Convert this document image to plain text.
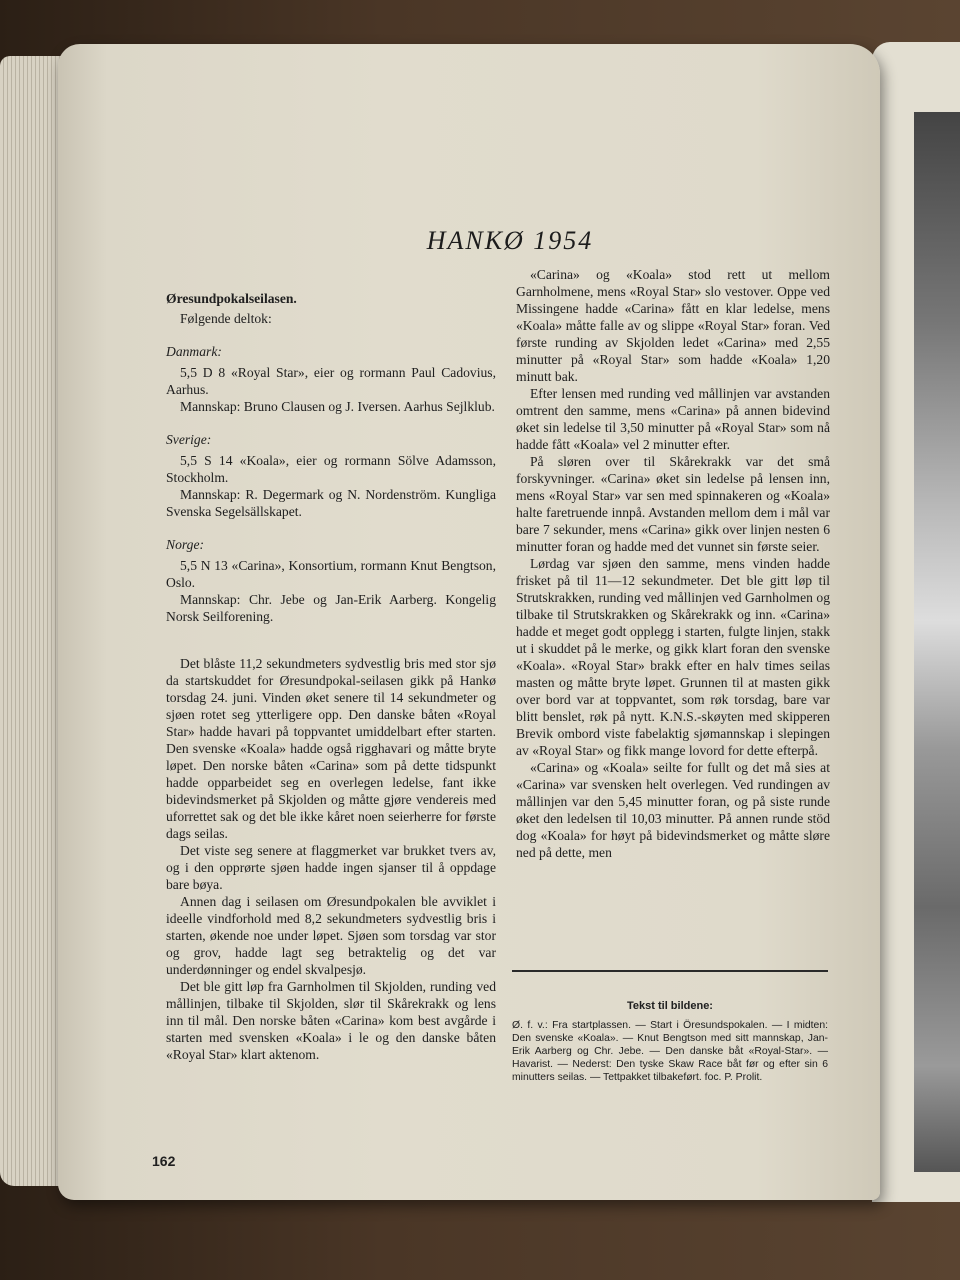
HANKØ 1954

Øresundpokalseilasen.

Følgende deltok:

Danmark:

5,5 D 8 «Royal Star», eier og rormann Paul Cadovius, Aarhus.

Mannskap: Bruno Clausen og J. Iversen. Aarhus Sejlklub.

Sverige:

5,5 S 14 «Koala», eier og rormann Sölve Adamsson, Stockholm.

Mannskap: R. Degermark og N. Nordenström. Kungliga Svenska Segelsällskapet.

Norge:

5,5 N 13 «Carina», Konsortium, rormann Knut Bengtson, Oslo.

Mannskap: Chr. Jebe og Jan-Erik Aarberg. Kongelig Norsk Seilforening.

Det blåste 11,2 sekundmeters sydvestlig bris med stor sjø da startskuddet for Øresundpokal-seilasen gikk på Hankø torsdag 24. juni. Vinden øket senere til 14 sekundmeter og sjøen rotet seg ytterligere opp. Den danske båten «Royal Star» hadde havari på toppvantet umiddelbart efter starten. Den svenske «Koala» hadde også rigghavari og måtte bryte løpet. Den norske båten «Carina» som på dette tidspunkt hadde opparbeidet seg en overlegen ledelse, fant ikke bidevindsmerket på Skjolden og måtte gjøre vendereis med uforrettet sak og det ble ikke kåret noen seierherre for første dags seilas.

Det viste seg senere at flaggmerket var brukket tvers av, og i den opprørte sjøen hadde ingen sjanser til å oppdage bare bøya.

Annen dag i seilasen om Øresundpokalen ble avviklet i ideelle vindforhold med 8,2 sekundmeters sydvestlig bris i starten, økende noe under løpet. Sjøen som torsdag var stor og grov, hadde lagt seg betraktelig og det var underdønninger og endel skvalpesjø.

Det ble gitt løp fra Garnholmen til Skjolden, runding ved mållinjen, tilbake til Skjolden, slør til Skårekrakk og lens inn til mål. Den norske båten «Carina» kom best avgårde i starten med svensken «Koala» i le og den danske båten «Royal Star» klart aktenom.

«Carina» og «Koala» stod rett ut mellom Garnholmene, mens «Royal Star» slo vestover. Oppe ved Missingene hadde «Carina» fått en klar ledelse, mens «Koala» måtte falle av og slippe «Royal Star» foran. Ved første runding av Skjolden ledet «Carina» med 2,55 minutter på «Royal Star» som hadde «Koala» 1,20 minutt bak.

Efter lensen med runding ved mållinjen var avstanden omtrent den samme, mens «Carina» på annen bidevind øket sin ledelse til 3,50 minutter på «Royal Star» som nå hadde fått «Koala» vel 2 minutter efter.

På sløren over til Skårekrakk var det små forskyvninger. «Carina» øket sin ledelse på lensen inn, mens «Royal Star» var sen med spinnakeren og «Koala» halte faretruende innpå. Avstanden mellom dem i mål var bare 7 sekunder, mens «Carina» gikk over linjen nesten 6 minutter foran og hadde med det vunnet sin første seier.

Lørdag var sjøen den samme, mens vinden hadde frisket på til 11—12 sekundmeter. Det ble gitt løp til Strutskrakken, runding ved mållinjen ved Garnholmen og tilbake til Strutskrakken og Skårekrakk og inn. «Carina» hadde et meget godt opplegg i starten, fulgte linjen, stakk ut i skuddet på le merke, og gikk klart foran den svenske «Koala». «Royal Star» brakk efter en halv times seilas masten og måtte bryte løpet. Grunnen til at masten gikk over bord var at toppvantet, som røk torsdag, bare var blitt benslet, røk på nytt. K.N.S.-skøyten med skipperen Brevik ombord viste fabelaktig sjømannskap i slepingen av «Royal Star» og fikk mange lovord for dette efterpå.

«Carina» og «Koala» seilte for fullt og det må sies at «Carina» var svensken helt overlegen. Ved rundingen av mållinjen var den 5,45 minutter foran, og på siste runde øket den ledelsen til 10,03 minutter. På annen runde stöd dog «Koala» for høyt på bidevindsmerket og måtte sløre ned på dette, men

Tekst til bildene:
Ø. f. v.: Fra startplassen. — Start i Öresundspokalen. — I midten: Den svenske «Koala». — Knut Bengtson med sitt mannskap, Jan-Erik Aarberg og Chr. Jebe. — Den danske båt «Royal-Star». — Havarist. — Nederst: Den tyske Skaw Race båt før og efter sin 6 minutters seilas. — Tettpakket tilbakeført. foc. P. Prolit.
162
